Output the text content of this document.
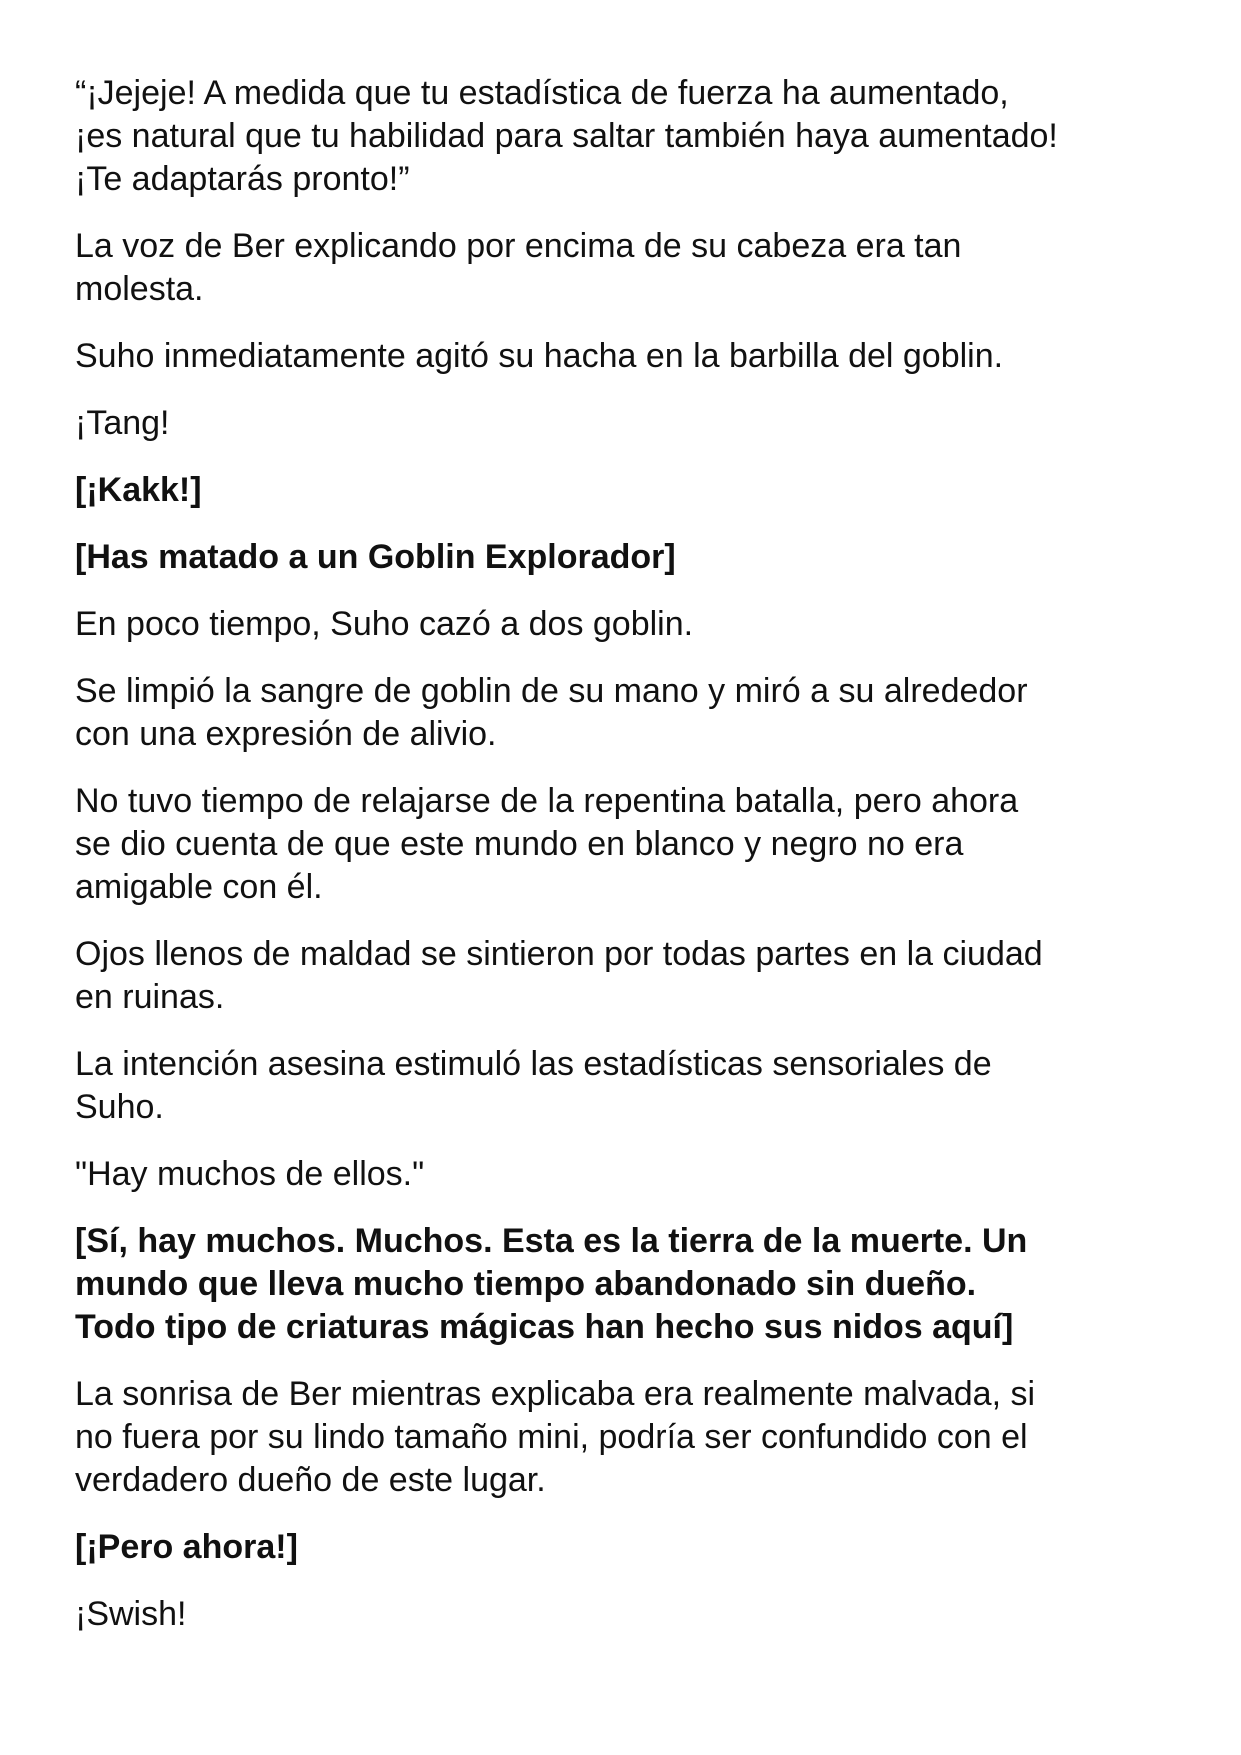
“¡Jejeje! A medida que tu estadística de fuerza ha aumentado,
¡es natural que tu habilidad para saltar también haya aumentado!
¡Te adaptarás pronto!”

La voz de Ber explicando por encima de su cabeza era tan
molesta.

Suho inmediatamente agitó su hacha en la barbilla del goblin.

¡Tang!

[¡Kakk!]

[Has matado a un Goblin Explorador]

En poco tiempo, Suho cazó a dos goblin.

Se limpió la sangre de goblin de su mano y miró a su alrededor
con una expresión de alivio.

No tuvo tiempo de relajarse de la repentina batalla, pero ahora
se dio cuenta de que este mundo en blanco y negro no era
amigable con él.

Ojos llenos de maldad se sintieron por todas partes en la ciudad
en ruinas.

La intención asesina estimuló las estadísticas sensoriales de
Suho.

"Hay muchos de ellos."

[Sí, hay muchos. Muchos. Esta es la tierra de la muerte. Un
mundo que lleva mucho tiempo abandonado sin dueño.
Todo tipo de criaturas mágicas han hecho sus nidos aquí]

La sonrisa de Ber mientras explicaba era realmente malvada, si
no fuera por su lindo tamaño mini, podría ser confundido con el
verdadero dueño de este lugar.

[¡Pero ahora!]

¡Swish!
